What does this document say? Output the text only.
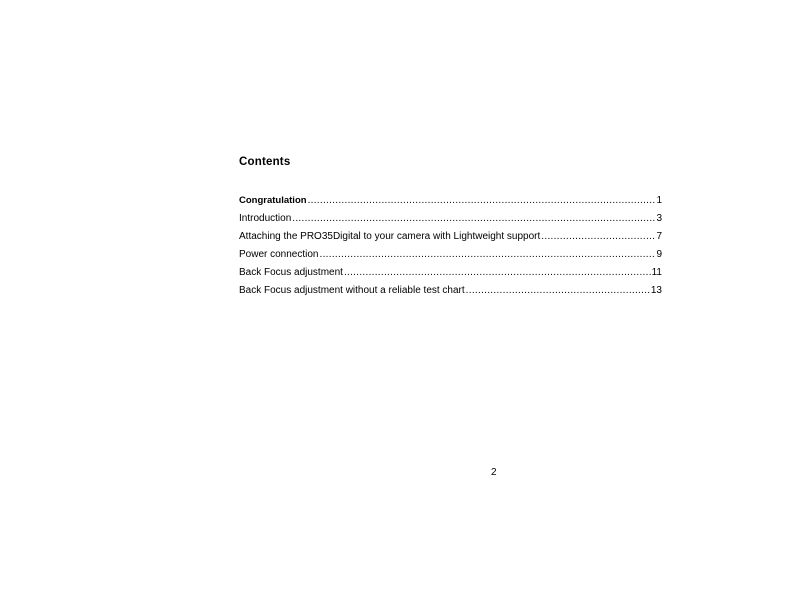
Contents
Congratulation .....	1
Introduction .....	3
Attaching the PRO35Digital to your camera with Lightweight support .....	7
Power connection .....	9
Back Focus adjustment .....	11
Back Focus adjustment without a reliable test chart .....	13
2
